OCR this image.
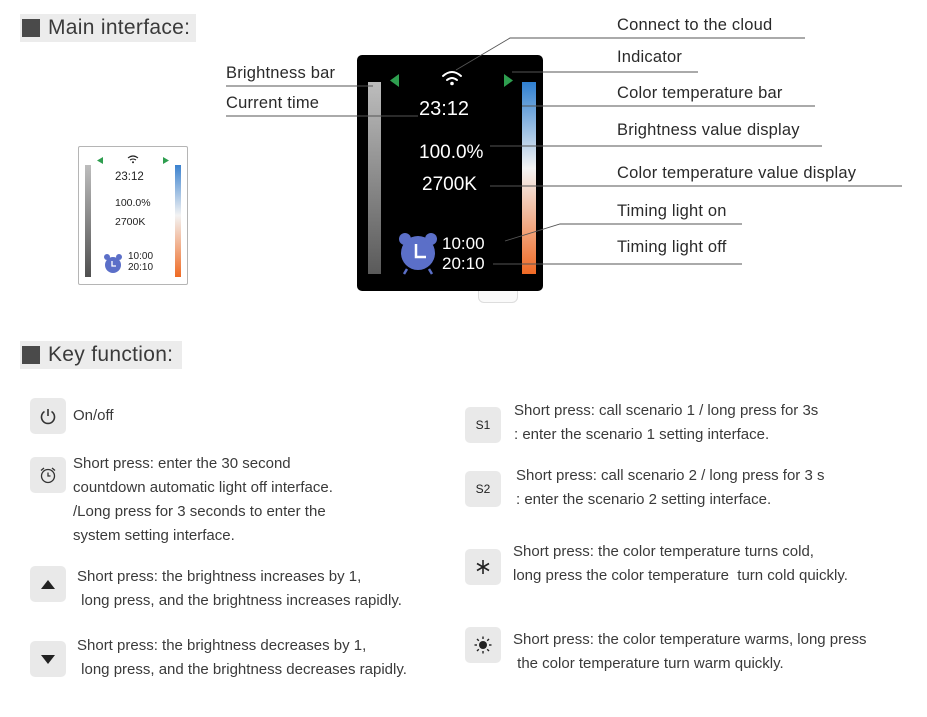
Main interface:
Key function:
23:12
100.0%
2700K
10:00
20:10
23:12
100.0%
2700K
10:00
20:10
Brightness bar
Current time
Connect to the cloud
Indicator
Color temperature bar
Brightness value display
Color temperature value display
Timing light on
Timing light off
On/off
Short press: enter the 30 second
countdown automatic light off interface.
/Long press for 3 seconds to enter the
system setting interface.
Short press: the brightness increases by 1,
long press, and the brightness increases rapidly.
Short press: the brightness decreases by 1,
long press, and the brightness decreases rapidly.
S1
Short press: call scenario 1 / long press for 3s
: enter the scenario 1 setting interface.
S2
Short press: call scenario 2 / long press for 3 s
: enter the scenario 2 setting interface.
Short press: the color temperature turns cold,
long press the color temperature  turn cold quickly.
Short press: the color temperature warms, long press
the color temperature turn warm quickly.
